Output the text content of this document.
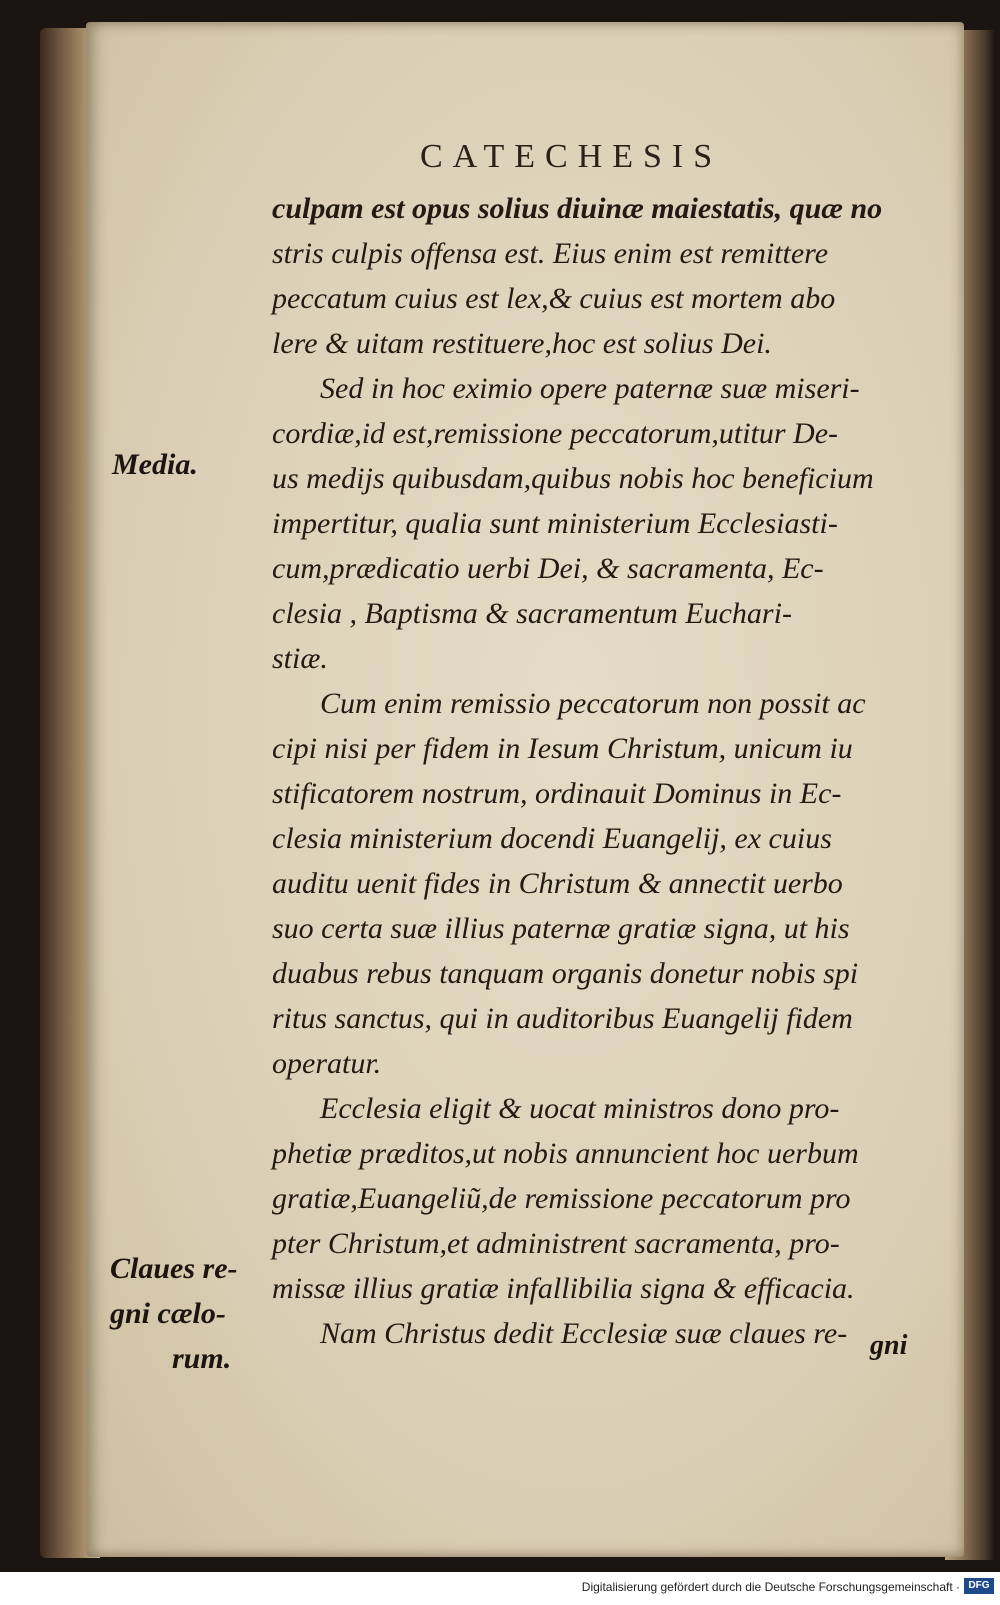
CATECHESIS
culpam est opus solius diuinæ maiestatis, quæ no
stris culpis offensa est. Eius enim est remittere
peccatum cuius est lex,& cuius est mortem abo
lere & uitam restituere,hoc est solius Dei.
Sed in hoc eximio opere paternæ suæ miseri-
cordiæ,id est,remissione peccatorum,utitur De-
us medijs quibusdam,quibus nobis hoc beneficium
impertitur, qualia sunt ministerium Ecclesiasti-
cum,prædicatio uerbi Dei, & sacramenta, Ec-
clesia , Baptisma & sacramentum Euchari-
stiæ.
Cum enim remissio peccatorum non possit ac
cipi nisi per fidem in Iesum Christum, unicum iu
stificatorem nostrum, ordinauit Dominus in Ec-
clesia ministerium docendi Euangelij, ex cuius
auditu uenit fides in Christum & annectit uerbo
suo certa suæ illius paternæ gratiæ signa, ut his
duabus rebus tanquam organis donetur nobis spi
ritus sanctus, qui in auditoribus Euangelij fidem
operatur.
Ecclesia eligit & uocat ministros dono pro-
phetiæ præditos,ut nobis annuncient hoc uerbum
gratiæ,Euangeliũ,de remissione peccatorum pro
pter Christum,et administrent sacramenta, pro-
missæ illius gratiæ infallibilia signa & efficacia.
Nam Christus dedit Ecclesiæ suæ claues re-
Media.
Claues re-
gni cælo-
rum.	gni
Digitalisierung gefördert durch die Deutsche Forschungsgemeinschaft · DFG
